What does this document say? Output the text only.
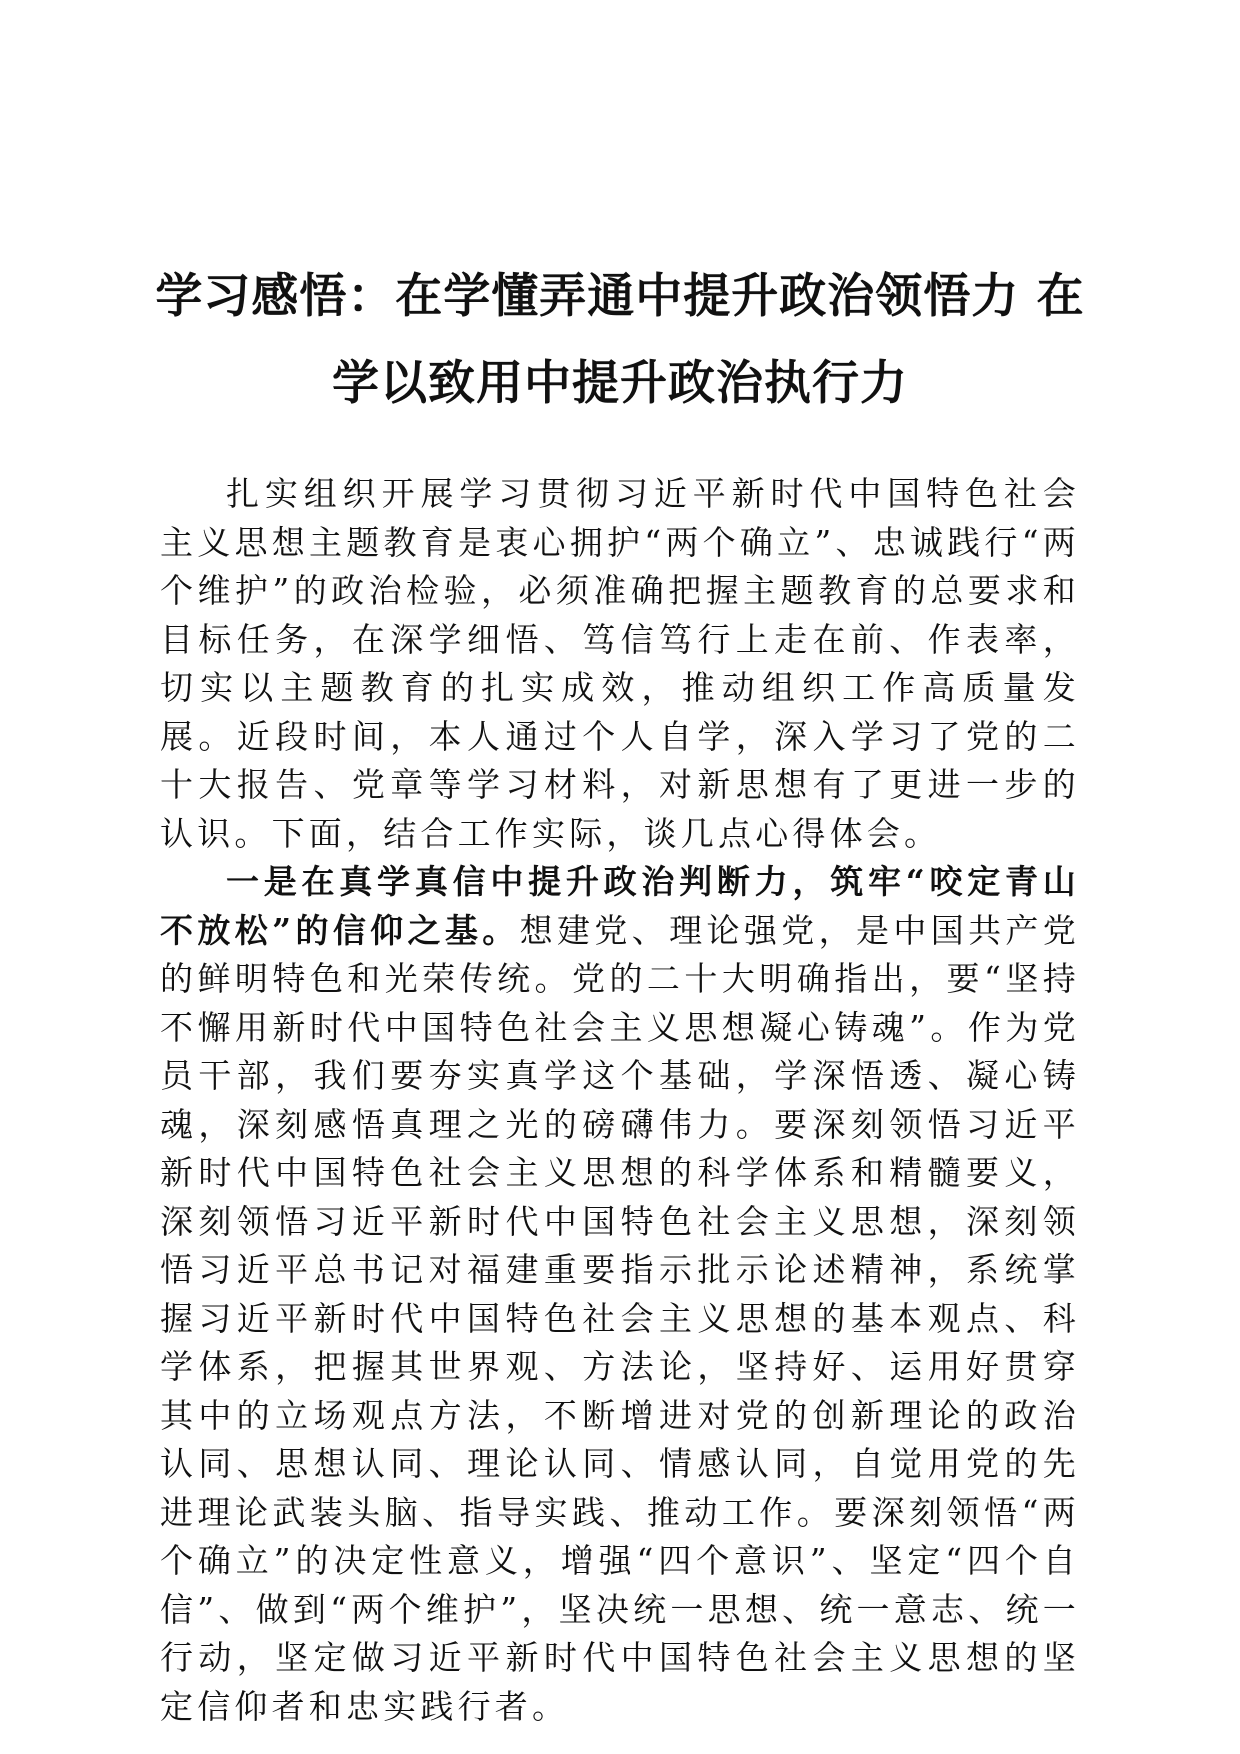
学习感悟：在学懂弄通中提升政治领悟力 在
学以致用中提升政治执行力

扎实组织开展学习贯彻习近平新时代中国特色社会主义思想主题教育是衷心拥护“两个确立”、忠诚践行“两个维护”的政治检验，必须准确把握主题教育的总要求和目标任务，在深学细悟、笃信笃行上走在前、作表率，切实以主题教育的扎实成效，推动组织工作高质量发展。近段时间，本人通过个人自学，深入学习了党的二十大报告、党章等学习材料，对新思想有了更进一步的认识。下面，结合工作实际，谈几点心得体会。

一是在真学真信中提升政治判断力，筑牢“咬定青山不放松”的信仰之基。想建党、理论强党，是中国共产党的鲜明特色和光荣传统。党的二十大明确指出，要“坚持不懈用新时代中国特色社会主义思想凝心铸魂”。作为党员干部，我们要夯实真学这个基础，学深悟透、凝心铸魂，深刻感悟真理之光的磅礴伟力。要深刻领悟习近平新时代中国特色社会主义思想的科学体系和精髓要义，深刻领悟习近平新时代中国特色社会主义思想，深刻领悟习近平总书记对福建重要指示批示论述精神，系统掌握习近平新时代中国特色社会主义思想的基本观点、科学体系，把握其世界观、方法论，坚持好、运用好贯穿其中的立场观点方法，不断增进对党的创新理论的政治认同、思想认同、理论认同、情感认同，自觉用党的先进理论武装头脑、指导实践、推动工作。要深刻领悟“两个确立”的决定性意义，增强“四个意识”、坚定“四个自信”、做到“两个维护”，坚决统一思想、统一意志、统一行动，坚定做习近平新时代中国特色社会主义思想的坚定信仰者和忠实践行者。
